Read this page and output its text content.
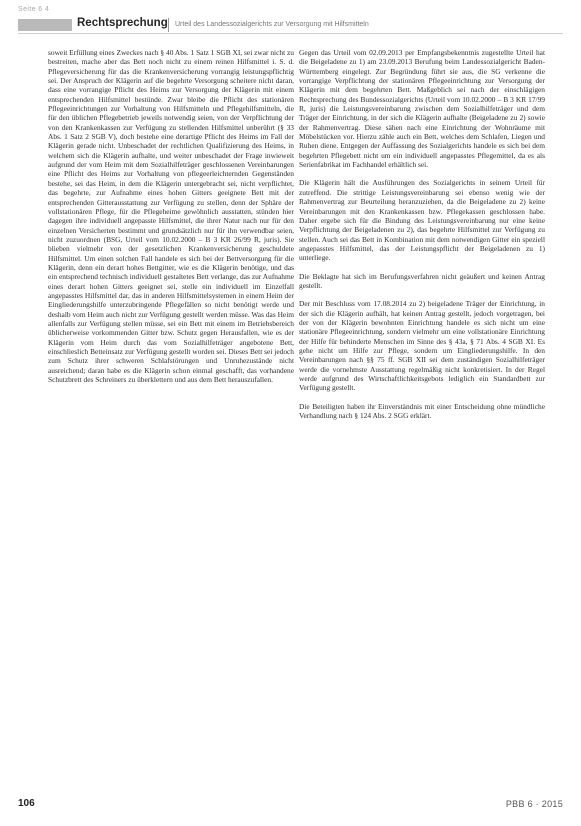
Seite 6 4
Rechtsprechung Urteil des Landessozialgerichts zur Versorgung mit Hilfsmitteln

soweit Erfüllung eines Zweckes nach § 40 Abs. 1 Satz 1 SGB XI, sei zwar nicht zu bestreiten, mache aber das Bett noch nicht zu einem reinen Hilfsmittel i. S. d. Pflegeversicherung für das die Krankenversicherung vorrangig leistungspflichtig sei. Der Anspruch der Klägerin auf die begehrte Versorgung scheitere nicht daran, dass eine vorrangige Pflicht des Heims zur Versorgung der Klägerin mit einem entsprechenden Hilfsmittel bestünde. Zwar bleibe die Pflicht des stationären Pflegeeinrichtungen zur Vorhaltung von Hilfsmitteln und Pflegehilfsmitteln, die für den üblichen Pflegebetrieb jeweils notwendig seien, von der Verpflichtung der von den Krankenkassen zur Verfügung zu stellenden Hilfsmittel unberührt (§ 33 Abs. 1 Satz 2 SGB V), doch bestehe eine derartige Pflicht des Heims im Fall der Klägerin gerade nicht. Unbeschadet der rechtlichen Qualifizierung des Heims, in welchem sich die Klägerin aufhalte, und weiter unbeschadet der Frage inwieweit aufgrund der vom Heim mit dem Sozialhilfeträger geschlossenen Vereinbarungen eine Pflicht des Heims zur Vorhaltung von pflegeerleichternden Gegenständen bestehe, sei das Heim, in dem die Klägerin untergebracht sei, nicht verpflichtet, das begehrte, zur Aufnahme eines hohen Gitters geeignete Bett mit der entsprechenden Gitterausstattung zur Verfügung zu stellen, denn der Sphäre der vollstationären Pflege, für die Pflegeheime gewöhnlich ausstatten, stünden hier dagegen ihre individuell angepasste Hilfsmittel, die ihrer Natur nach nur für den einzelnen Versicherten bestimmt und grundsätzlich nur für ihn verwendbar seien, nicht zuzuordnen (BSG, Urteil vom 10.02.2000 – B 3 KR 26/99 R, juris). Sie blieben vielmehr von der gesetzlichen Krankenversicherung geschuldete Hilfsmittel. Um einen solchen Fall handele es sich bei der Bettversorgung für die Klägerin, denn ein derart hohes Bettgitter, wie es die Klägerin benötige, und das ein entsprechend technisch individuell gestaltetes Bett verlange, das zur Aufnahme eines derart hohen Gitters geeignet sei, stelle ein individuell im Einzelfall angepasstes Hilfsmittel dar, das in anderen Hilfsmittelsystemen in einem Heim der Eingliederungshilfe unterzubringende Pflegefällen so nicht benötigt werde und deshalb vom Heim auch nicht zur Verfügung gestellt werden müsse. Was das Heim allenfalls zur Verfügung stellen müsse, sei ein Bett mit einem im Betriebsbereich üblicherweise vorkommenden Gitter bzw. Schutz gegen Herausfallen, wie es der Klägerin vom Heim durch das vom Sozialhilfeträger angebotene Bett, einschlieslich Betteinsatz zur Verfügung gestellt worden sei. Dieses Bett sei jedoch zum Schutz ihrer schweren Schlafstörungen und Unruhezustände nicht ausreichend; daran habe es die Klägerin schon einmal geschafft, das vorhandene Schutzbrett des Schreiners zu überklettern und aus dem Bett herauszufallen.

Gegen das Urteil vom 02.09.2013 per Empfangsbekenntnis zugestellte Urteil hat die Beigeladene zu 1) am 23.09.2013 Berufung beim Landessozialgericht Baden-Württemberg eingelegt. Zur Begründung führt sie aus, die SG verkenne die vorrangige Verpflichtung der stationären Pflegeeinrichtung zur Versorgung der Klägerin mit dem begehrten Bett. Maßgeblich sei nach der einschlägigen Rechtsprechung des Bundessozialgerichts (Urteil vom 10.02.2000 – B 3 KR 17/99 R, juris) die Leistungsvereinbarung zwischen dem Sozialhilfeträger und dem Träger der Einrichtung, in der sich die Klägerin aufhalte (Beigeladene zu 2) sowie der Rahmenvertrag. Diese sähen nach eine Einrichtung der Wohnräume mit Möbelstücken vor. Hierzu zähle auch ein Bett, welches dem Schlafen, Liegen und Ruhen diene. Entgegen der Auffassung des Sozialgerichts handele es sich bei dem begehrten Pflegebett nicht um ein individuell angepasstes Pflegemittel, da es als Serienfabrikat im Fachhandel erhältlich sei.

Die Klägerin hält die Ausführungen des Sozialgerichts in seinem Urteil für zutreffend. Die strittige Leistungsvereinbarung sei ebenso wenig wie der Rahmenvertrag zur Beurteilung heranzuziehen, da die Beigeladene zu 2) keine Vereinbarungen mit den Krankenkassen bzw. Pflegekassen geschlossen habe. Daher ergebe sich für die Bindung des Leistungsvereinbarung nur eine keine Verpflichtung der Beigeladenen zu 2), das begehrte Hilfsmittel zur Verfügung zu stellen. Auch sei das Bett in Kombination mit dem notwendigen Gitter ein speziell angepasstes Hilfsmittel, das der Leistungspflicht der Beigeladenen zu 1) unterliege.

Die Beklagte hat sich im Berufungsverfahren nicht geäußert und keinen Antrag gestellt.

Der mit Beschluss vom 17.08.2014 zu 2) beigeladene Träger der Einrichtung, in der sich die Klägerin aufhält, hat keinen Antrag gestellt, jedoch vorgetragen, bei der von der Klägerin bewohnten Einrichtung handele es sich nicht um eine stationäre Pflegeeinrichtung, sondern vielmehr um eine vollstationäre Einrichtung der Hilfe für behinderte Menschen im Sinne des § 43a, § 71 Abs. 4 SGB XI. Es gehe nicht um Hilfe zur Pflege, sondern um Eingliederungshilfe. In den Vereinbarungen nach §§ 75 ff. SGB XII sei dem zuständigen Sozialhilfeträger werde die vornehmste Ausstattung regelmäßig nicht konkretisiert. In der Regel werde aufgrund des Wirtschaftlichkeitsgebots lediglich ein Standardbett zur Verfügung gestellt.

Die Beteiligten haben ihr Einverständnis mit einer Entscheidung ohne mündliche Verhandlung nach § 124 Abs. 2 SGG erklärt.

106	PBB 6 · 2015
